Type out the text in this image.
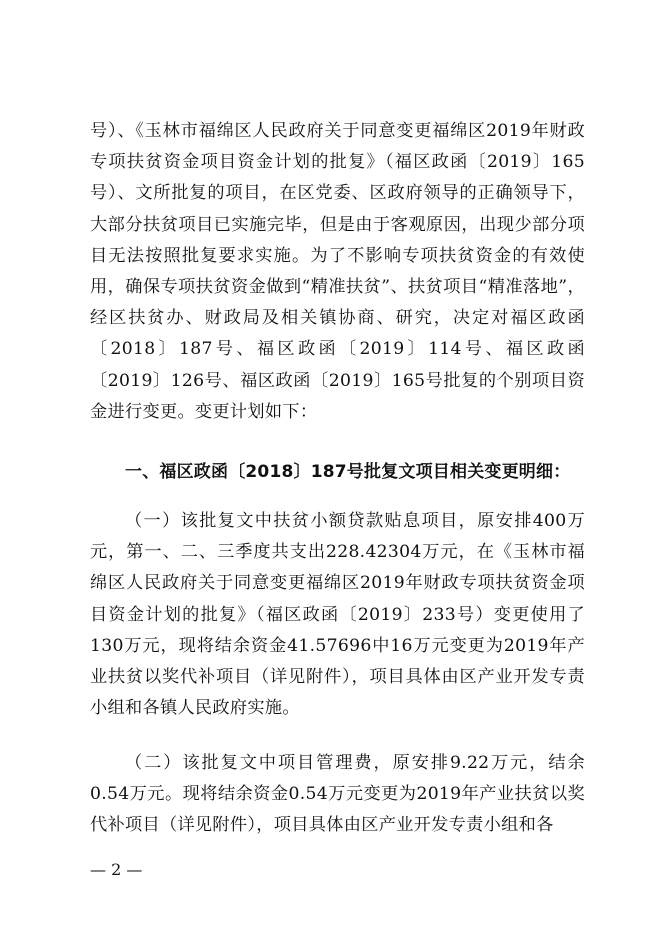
号）、《玉林市福绵区人民政府关于同意变更福绵区2019年财政专项扶贫资金项目资金计划的批复》（福区政函〔2019〕165号）、文所批复的项目，在区党委、区政府领导的正确领导下，大部分扶贫项目已实施完毕，但是由于客观原因，出现少部分项目无法按照批复要求实施。为了不影响专项扶贫资金的有效使用，确保专项扶贫资金做到“精准扶贫”、扶贫项目“精准落地”，经区扶贫办、财政局及相关镇协商、研究，决定对福区政函〔2018〕187号、福区政函〔2019〕114号、福区政函〔2019〕126号、福区政函〔2019〕165号批复的个别项目资金进行变更。变更计划如下：

一、福区政函〔2018〕187号批复文项目相关变更明细：

（一）该批复文中扶贫小额贷款贴息项目，原安排400万元，第一、二、三季度共支出228.42304万元，在《玉林市福绵区人民政府关于同意变更福绵区2019年财政专项扶贫资金项目资金计划的批复》（福区政函〔2019〕233号）变更使用了130万元，现将结余资金41.57696中16万元变更为2019年产业扶贫以奖代补项目（详见附件），项目具体由区产业开发专责小组和各镇人民政府实施。

（二）该批复文中项目管理费，原安排9.22万元，结余0.54万元。现将结余资金0.54万元变更为2019年产业扶贫以奖代补项目（详见附件），项目具体由区产业开发专责小组和各

— 2 —
